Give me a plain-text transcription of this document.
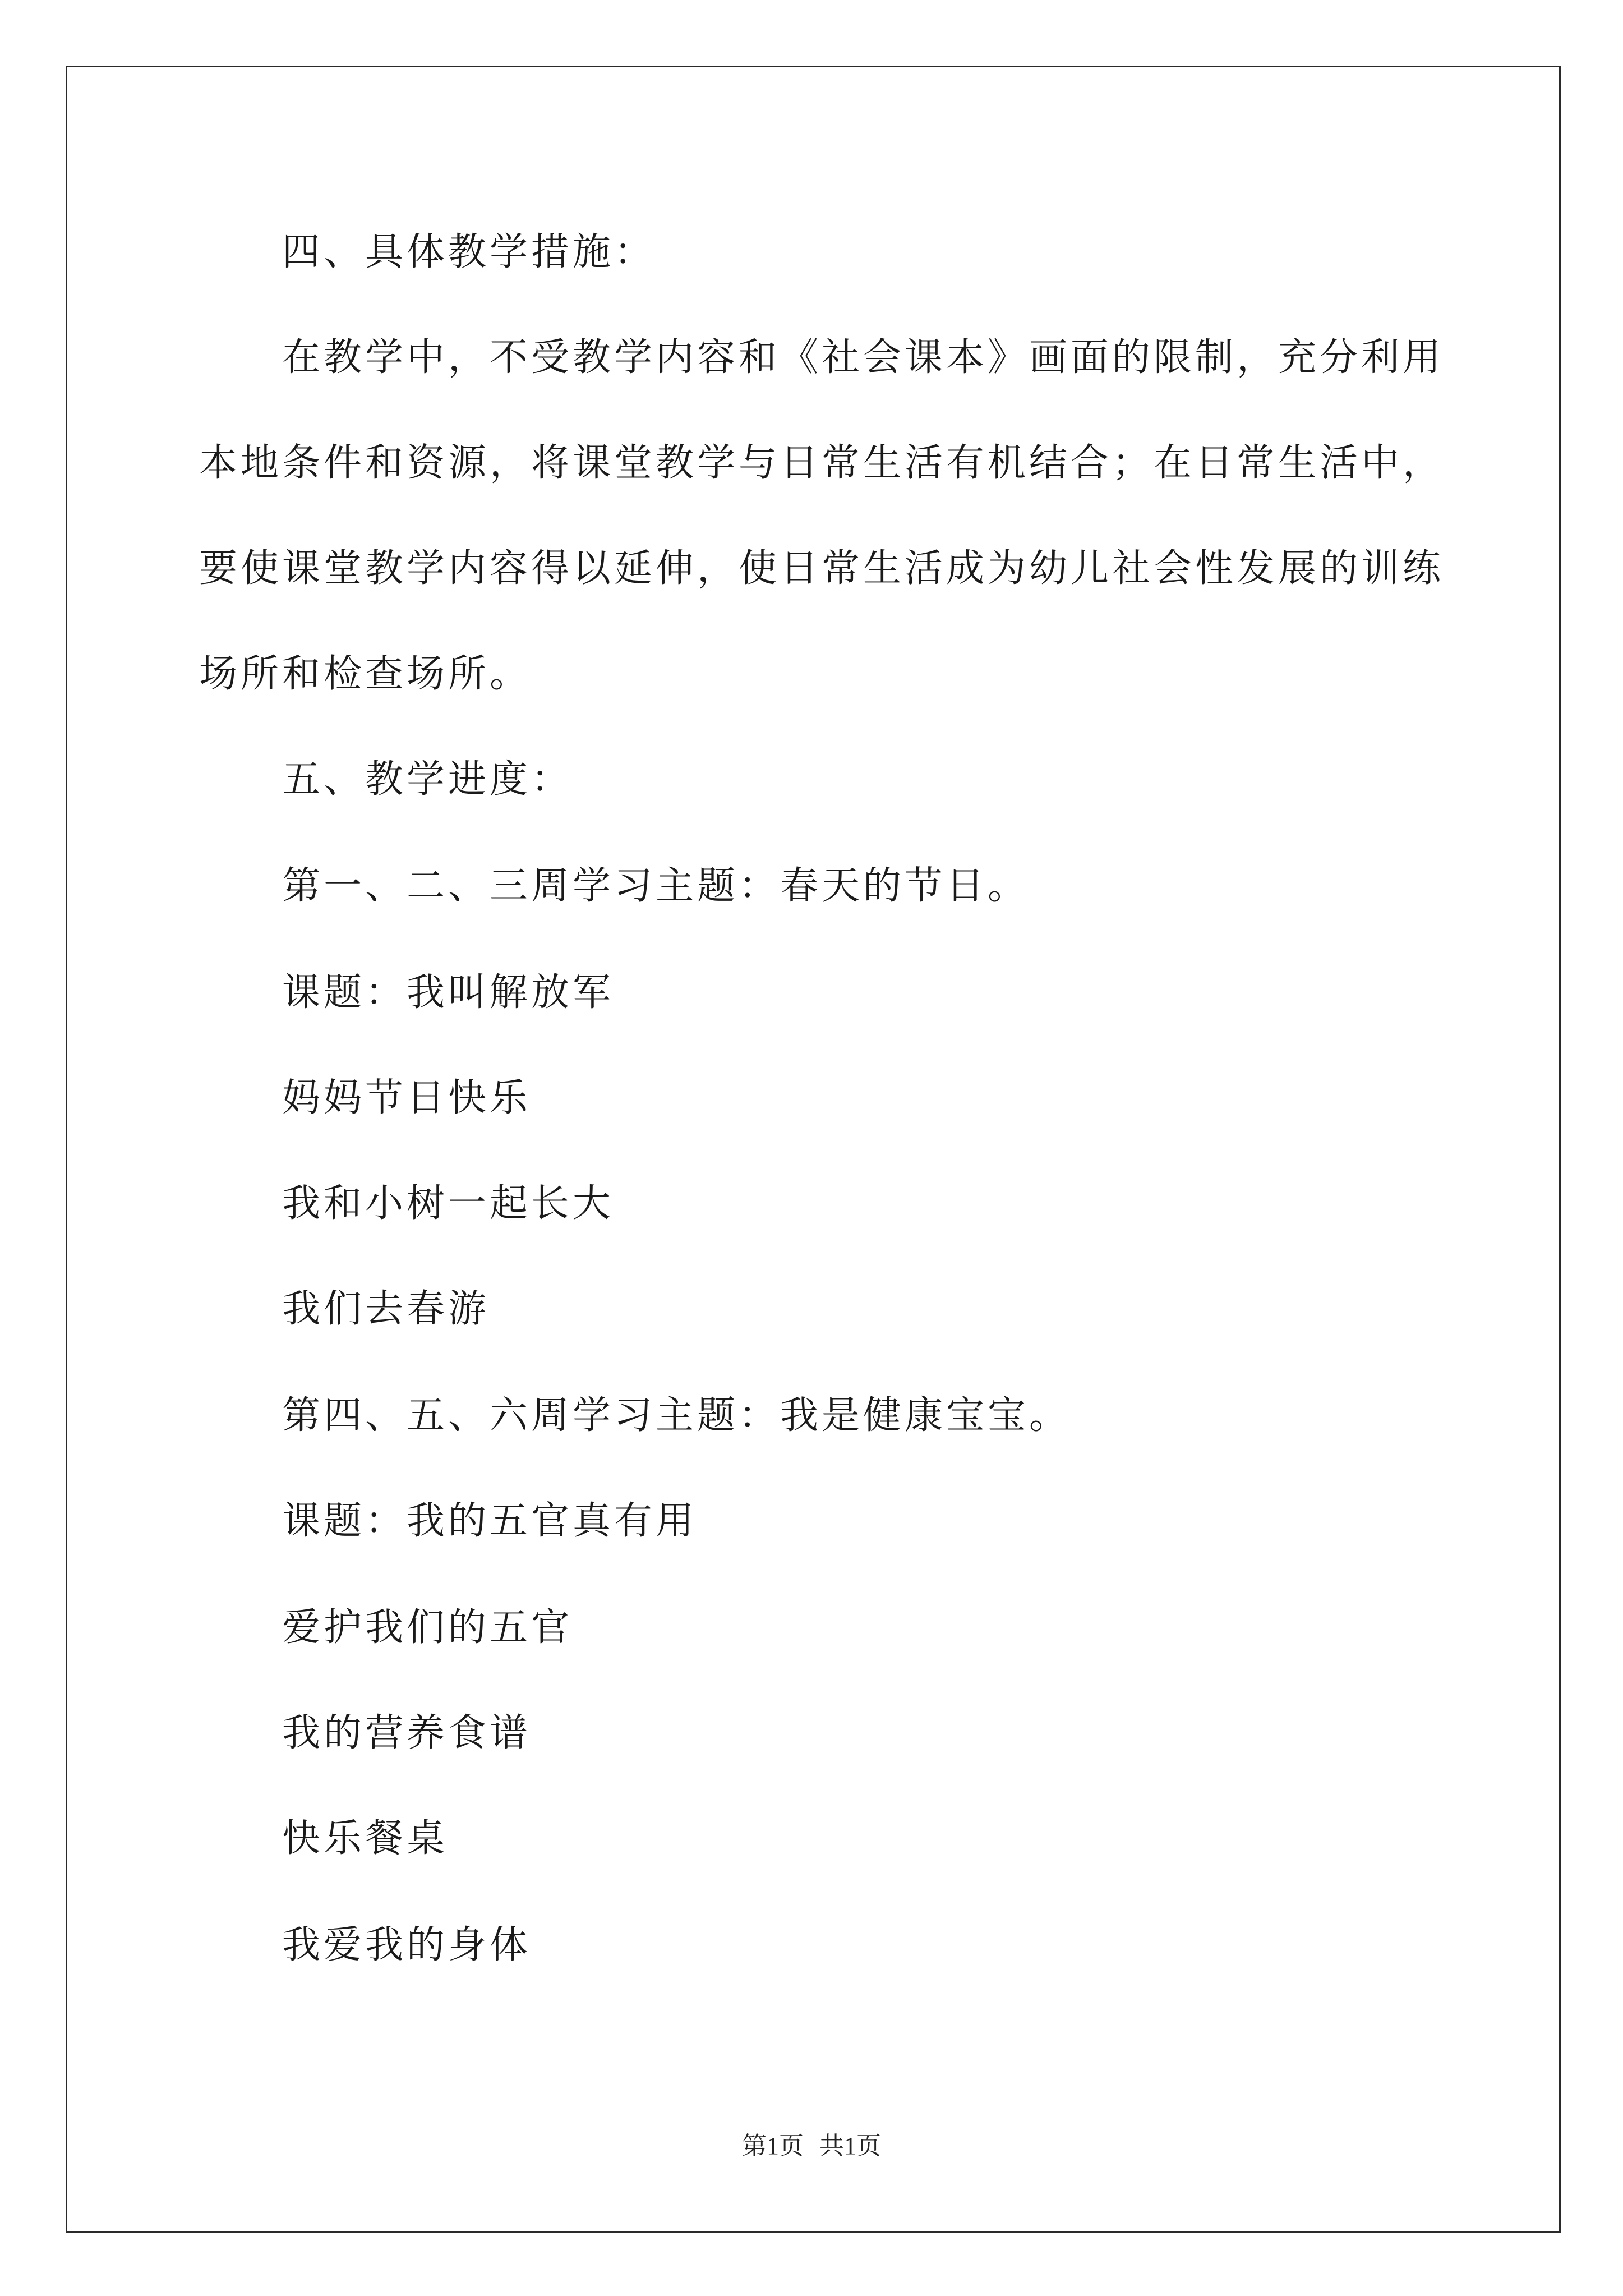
四、具体教学措施：
在教学中，不受教学内容和《社会课本》画面的限制，充分利用
本地条件和资源，将课堂教学与日常生活有机结合；在日常生活中，
要使课堂教学内容得以延伸，使日常生活成为幼儿社会性发展的训练
场所和检查场所。
五、教学进度：
第一、二、三周学习主题：春天的节日。
课题：我叫解放军
妈妈节日快乐
我和小树一起长大
我们去春游
第四、五、六周学习主题：我是健康宝宝。
课题：我的五官真有用
爱护我们的五官
我的营养食谱
快乐餐桌
我爱我的身体
第1页 共1页
